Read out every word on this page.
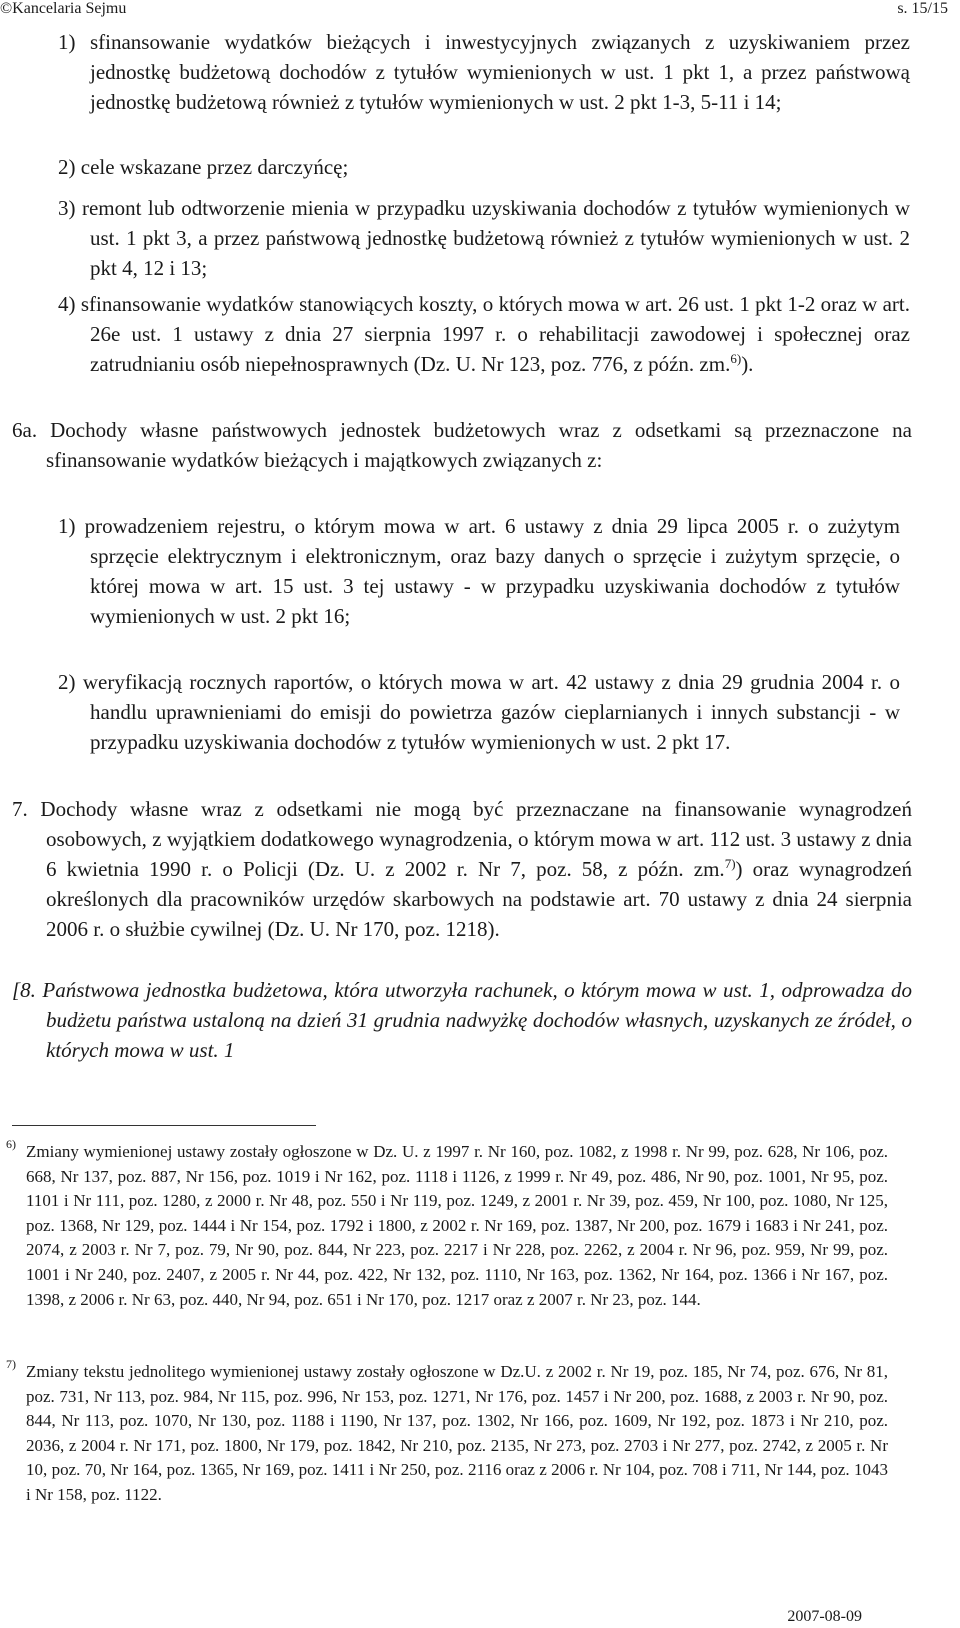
©Kancelaria Sejmu	s. 15/15

1) sfinansowanie wydatków bieżących i inwestycyjnych związanych z uzyskiwaniem przez jednostkę budżetową dochodów z tytułów wymienionych w ust. 1 pkt 1, a przez państwową jednostkę budżetową również z tytułów wymienionych w ust. 2 pkt 1-3, 5-11 i 14;

2) cele wskazane przez darczyńcę;

3) remont lub odtworzenie mienia w przypadku uzyskiwania dochodów z tytułów wymienionych w ust. 1 pkt 3, a przez państwową jednostkę budżetową również z tytułów wymienionych w ust. 2 pkt 4, 12 i 13;

4) sfinansowanie wydatków stanowiących koszty, o których mowa w art. 26 ust. 1 pkt 1-2 oraz w art. 26e ust. 1 ustawy z dnia 27 sierpnia 1997 r. o rehabilitacji zawodowej i społecznej oraz zatrudnianiu osób niepełnosprawnych (Dz. U. Nr 123, poz. 776, z późn. zm.$^{6)}$).

6a. Dochody własne państwowych jednostek budżetowych wraz z odsetkami są przeznaczone na sfinansowanie wydatków bieżących i majątkowych związanych z:

1) prowadzeniem rejestru, o którym mowa w art. 6 ustawy z dnia 29 lipca 2005 r. o zużytym sprzęcie elektrycznym i elektronicznym, oraz bazy danych o sprzęcie i zużytym sprzęcie, o której mowa w art. 15 ust. 3 tej ustawy - w przypadku uzyskiwania dochodów z tytułów wymienionych w ust. 2 pkt 16;

2) weryfikacją rocznych raportów, o których mowa w art. 42 ustawy z dnia 29 grudnia 2004 r. o handlu uprawnieniami do emisji do powietrza gazów cieplarnianych i innych substancji - w przypadku uzyskiwania dochodów z tytułów wymienionych w ust. 2 pkt 17.

7. Dochody własne wraz z odsetkami nie mogą być przeznaczane na finansowanie wynagrodzeń osobowych, z wyjątkiem dodatkowego wynagrodzenia, o którym mowa w art. 112 ust. 3 ustawy z dnia 6 kwietnia 1990 r. o Policji (Dz. U. z 2002 r. Nr 7, poz. 58, z późn. zm.$^{7)}$) oraz wynagrodzeń określonych dla pracowników urzędów skarbowych na podstawie art. 70 ustawy z dnia 24 sierpnia 2006 r. o służbie cywilnej (Dz. U. Nr 170, poz. 1218).

[8. Państwowa jednostka budżetowa, która utworzyła rachunek, o którym mowa w ust. 1, odprowadza do budżetu państwa ustaloną na dzień 31 grudnia nadwyżkę dochodów własnych, uzyskanych ze źródeł, o których mowa w ust. 1

6) Zmiany wymienionej ustawy zostały ogłoszone w Dz. U. z 1997 r. Nr 160, poz. 1082, z 1998 r. Nr 99, poz. 628, Nr 106, poz. 668, Nr 137, poz. 887, Nr 156, poz. 1019 i Nr 162, poz. 1118 i 1126, z 1999 r. Nr 49, poz. 486, Nr 90, poz. 1001, Nr 95, poz. 1101 i Nr 111, poz. 1280, z 2000 r. Nr 48, poz. 550 i Nr 119, poz. 1249, z 2001 r. Nr 39, poz. 459, Nr 100, poz. 1080, Nr 125, poz. 1368, Nr 129, poz. 1444 i Nr 154, poz. 1792 i 1800, z 2002 r. Nr 169, poz. 1387, Nr 200, poz. 1679 i 1683 i Nr 241, poz. 2074, z 2003 r. Nr 7, poz. 79, Nr 90, poz. 844, Nr 223, poz. 2217 i Nr 228, poz. 2262, z 2004 r. Nr 96, poz. 959, Nr 99, poz. 1001 i Nr 240, poz. 2407, z 2005 r. Nr 44, poz. 422, Nr 132, poz. 1110, Nr 163, poz. 1362, Nr 164, poz. 1366 i Nr 167, poz. 1398, z 2006 r. Nr 63, poz. 440, Nr 94, poz. 651 i Nr 170, poz. 1217 oraz z 2007 r. Nr 23, poz. 144.

7) Zmiany tekstu jednolitego wymienionej ustawy zostały ogłoszone w Dz.U. z 2002 r. Nr 19, poz. 185, Nr 74, poz. 676, Nr 81, poz. 731, Nr 113, poz. 984, Nr 115, poz. 996, Nr 153, poz. 1271, Nr 176, poz. 1457 i Nr 200, poz. 1688, z 2003 r. Nr 90, poz. 844, Nr 113, poz. 1070, Nr 130, poz. 1188 i 1190, Nr 137, poz. 1302, Nr 166, poz. 1609, Nr 192, poz. 1873 i Nr 210, poz. 2036, z 2004 r. Nr 171, poz. 1800, Nr 179, poz. 1842, Nr 210, poz. 2135, Nr 273, poz. 2703 i Nr 277, poz. 2742, z 2005 r. Nr 10, poz. 70, Nr 164, poz. 1365, Nr 169, poz. 1411 i Nr 250, poz. 2116 oraz z 2006 r. Nr 104, poz. 708 i 711, Nr 144, poz. 1043 i Nr 158, poz. 1122.

2007-08-09
